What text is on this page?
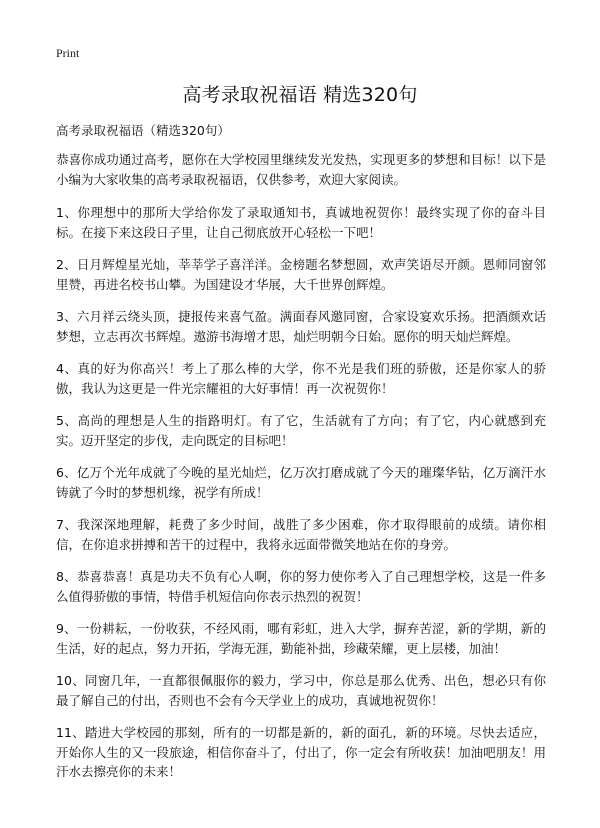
Print
高考录取祝福语 精选320句

高考录取祝福语（精选320句）

恭喜你成功通过高考，愿你在大学校园里继续发光发热，实现更多的梦想和目标！以下是小编为大家收集的高考录取祝福语，仅供参考，欢迎大家阅读。

1、你理想中的那所大学给你发了录取通知书，真诚地祝贺你！最终实现了你的奋斗目标。在接下来这段日子里，让自己彻底放开心轻松一下吧！

2、日月辉煌星光灿，莘莘学子喜洋洋。金榜题名梦想圆，欢声笑语尽开颜。恩师同窗邻里赞，再进名校书山攀。为国建设才华展，大千世界创辉煌。

3、六月祥云绕头顶，捷报传来喜气盈。满面春风邀同窗，合家设宴欢乐扬。把酒颜欢话梦想，立志再次书辉煌。遨游书海增才思，灿烂明朝今日始。愿你的明天灿烂辉煌。

4、真的好为你高兴！考上了那么棒的大学，你不光是我们班的骄傲，还是你家人的骄傲，我认为这更是一件光宗耀祖的大好事情！再一次祝贺你！

5、高尚的理想是人生的指路明灯。有了它，生活就有了方向；有了它，内心就感到充实。迈开坚定的步伐，走向既定的目标吧！

6、亿万个光年成就了今晚的星光灿烂，亿万次打磨成就了今天的璀璨华钻，亿万滴汗水铸就了今时的梦想机缘，祝学有所成！

7、我深深地理解，耗费了多少时间，战胜了多少困难，你才取得眼前的成绩。请你相信，在你追求拼搏和苦干的过程中，我将永远面带微笑地站在你的身旁。

8、恭喜恭喜！真是功夫不负有心人啊，你的努力使你考入了自己理想学校，这是一件多么值得骄傲的事情，特借手机短信向你表示热烈的祝贺！

9、一份耕耘，一份收获，不经风雨，哪有彩虹，进入大学，摒弃苦涩，新的学期，新的生活，好的起点，努力开拓，学海无涯，勤能补拙，珍藏荣耀，更上层楼，加油！

10、同窗几年，一直都很佩服你的毅力，学习中，你总是那么优秀、出色，想必只有你最了解自己的付出，否则也不会有今天学业上的成功，真诚地祝贺你！

11、踏进大学校园的那刻，所有的一切都是新的，新的面孔，新的环境。尽快去适应，开始你人生的又一段旅途，相信你奋斗了，付出了，你一定会有所收获！加油吧朋友！用汗水去擦亮你的未来！
